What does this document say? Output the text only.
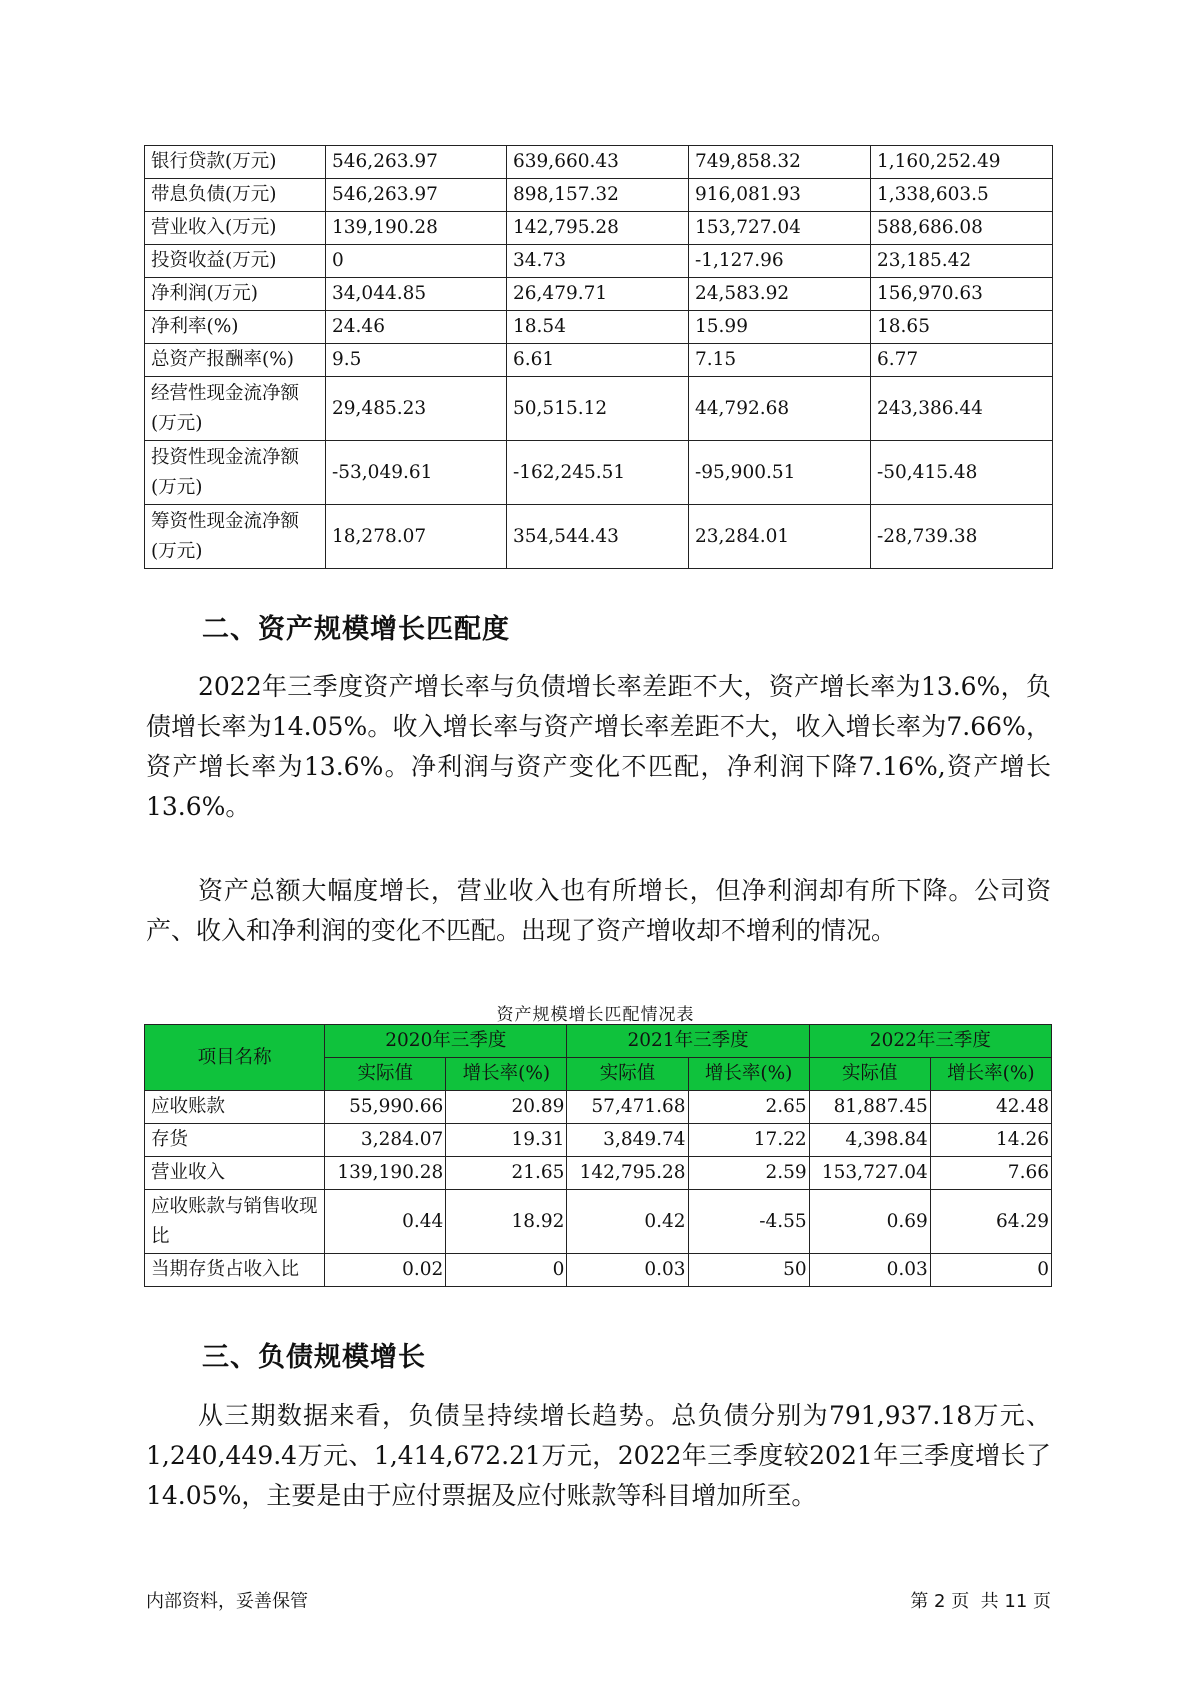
银行贷款(万元)	546,263.97	639,660.43	749,858.32	1,160,252.49
带息负债(万元)	546,263.97	898,157.32	916,081.93	1,338,603.5
营业收入(万元)	139,190.28	142,795.28	153,727.04	588,686.08
投资收益(万元)	0	34.73	-1,127.96	23,185.42
净利润(万元)	34,044.85	26,479.71	24,583.92	156,970.63
净利率(%)	24.46	18.54	15.99	18.65
总资产报酬率(%)	9.5	6.61	7.15	6.77
经营性现金流净额(万元)	29,485.23	50,515.12	44,792.68	243,386.44
投资性现金流净额(万元)	-53,049.61	-162,245.51	-95,900.51	-50,415.48
筹资性现金流净额(万元)	18,278.07	354,544.43	23,284.01	-28,739.38
二、资产规模增长匹配度

2022年三季度资产增长率与负债增长率差距不大，资产增长率为13.6%，负债增长率为14.05%。收入增长率与资产增长率差距不大，收入增长率为7.66%，资产增长率为13.6%。净利润与资产变化不匹配，净利润下降7.16%,资产增长13.6%。

资产总额大幅度增长，营业收入也有所增长，但净利润却有所下降。公司资产、收入和净利润的变化不匹配。出现了资产增收却不增利的情况。

资产规模增长匹配情况表
项目名称	2020年三季度		2021年三季度		2022年三季度	
	实际值	增长率(%)	实际值	增长率(%)	实际值	增长率(%)
应收账款	55,990.66	20.89	57,471.68	2.65	81,887.45	42.48
存货	3,284.07	19.31	3,849.74	17.22	4,398.84	14.26
营业收入	139,190.28	21.65	142,795.28	2.59	153,727.04	7.66
应收账款与销售收现比	0.44	18.92	0.42	-4.55	0.69	64.29
当期存货占收入比	0.02	0	0.03	50	0.03	0
三、负债规模增长

从三期数据来看，负债呈持续增长趋势。总负债分别为791,937.18万元、1,240,449.4万元、1,414,672.21万元，2022年三季度较2021年三季度增长了14.05%，主要是由于应付票据及应付账款等科目增加所至。

内部资料，妥善保管	第 2 页  共 11 页
